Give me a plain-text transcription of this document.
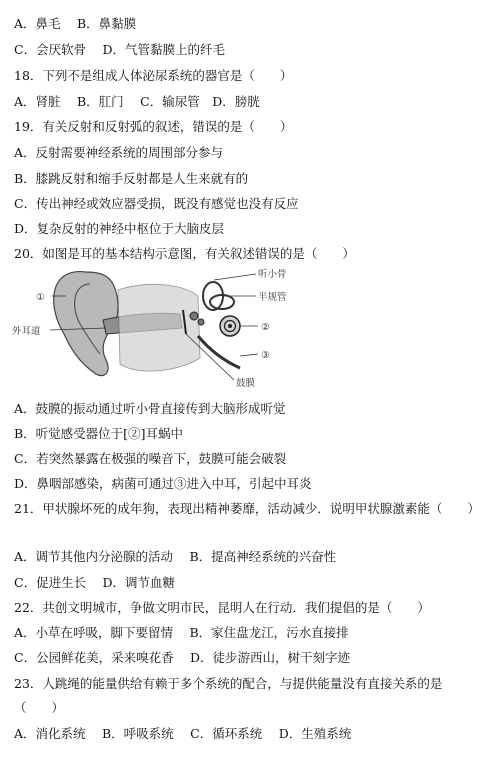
A．鼻毛　 B．鼻黏膜
C．会厌软骨　 D．气管黏膜上的纤毛
18．下列不是组成人体泌尿系统的器官是（　　）
A．肾脏　 B．肛门　 C．输尿管　D．膀胱
19．有关反射和反射弧的叙述，错误的是（　　）
A．反射需要神经系统的周围部分参与
B．膝跳反射和缩手反射都是人生来就有的
C．传出神经或效应器受损，既没有感觉也没有反应
D．复杂反射的神经中枢位于大脑皮层
20．如图是耳的基本结构示意图，有关叙述错误的是（　　）
听小骨
半规管
②
③
鼓膜
①
外耳道
A．鼓膜的振动通过听小骨直接传到大脑形成听觉
B．听觉感受器位于[②]耳蜗中
C．若突然暴露在极强的噪音下，鼓膜可能会破裂
D．鼻咽部感染，病菌可通过③进入中耳，引起中耳炎
21．甲状腺坏死的成年狗，表现出精神萎靡，活动减少．说明甲状腺激素能（　　）
A．调节其他内分泌腺的活动　 B．提高神经系统的兴奋性
C．促进生长　 D．调节血糖
22．共创文明城市，争做文明市民，昆明人在行动．我们提倡的是（　　）
A．小草在呼吸，脚下要留情　 B．家住盘龙江，污水直接排
C．公园鲜花美，采来嗅花香　 D．徒步游西山，树干刻字迹
23．人跳绳的能量供给有赖于多个系统的配合，与提供能量没有直接关系的是
（　　）
A．消化系统　 B．呼吸系统　 C．循环系统　 D．生殖系统
